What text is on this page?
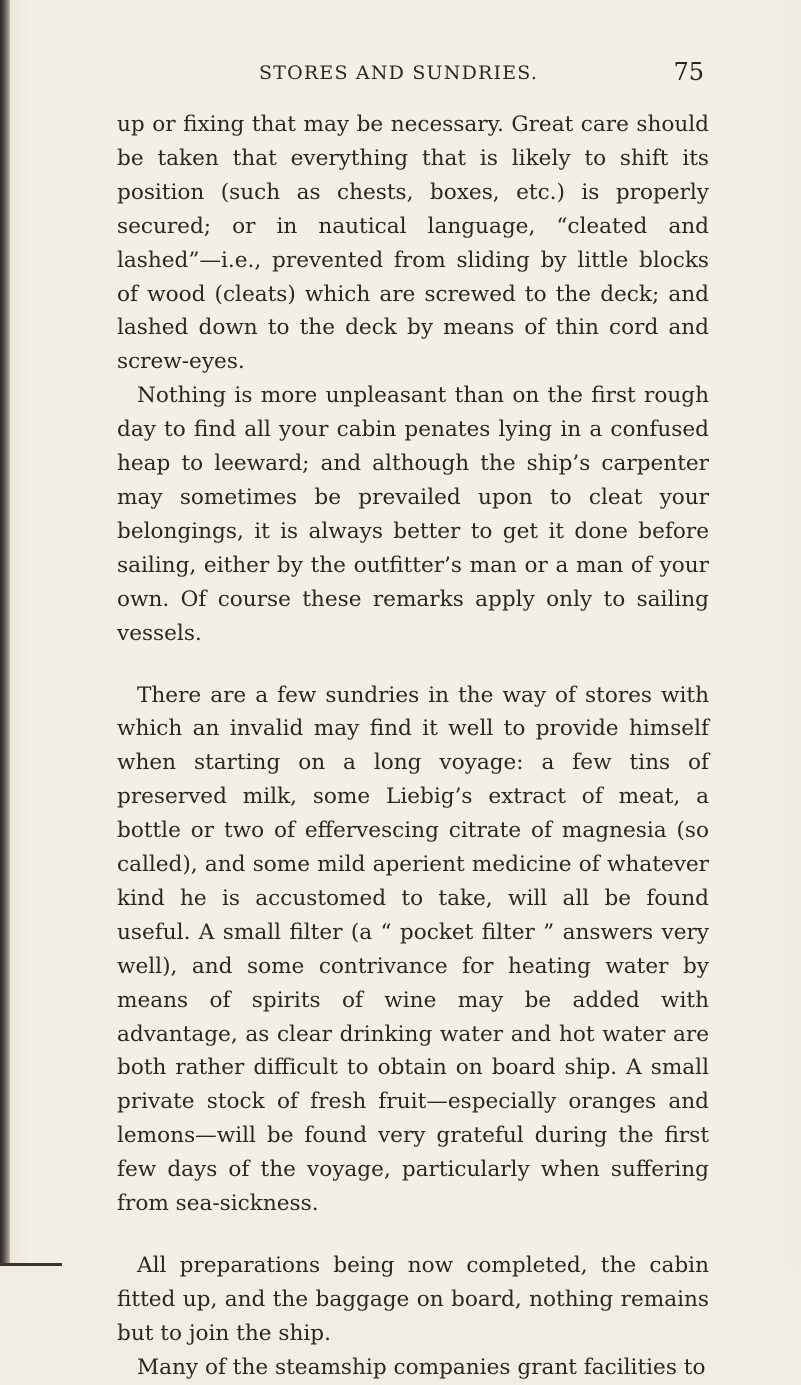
STORES AND SUNDRIES.	75

up or fixing that may be necessary. Great care should be taken that everything that is likely to shift its position (such as chests, boxes, etc.) is properly secured; or in nautical language, “cleated and lashed”—i.e., prevented from sliding by little blocks of wood (cleats) which are screwed to the deck; and lashed down to the deck by means of thin cord and screw-eyes.

Nothing is more unpleasant than on the first rough day to find all your cabin penates lying in a confused heap to leeward; and although the ship’s carpenter may sometimes be prevailed upon to cleat your belongings, it is always better to get it done before sailing, either by the outfitter’s man or a man of your own. Of course these remarks apply only to sailing vessels.

There are a few sundries in the way of stores with which an invalid may find it well to provide himself when starting on a long voyage: a few tins of preserved milk, some Liebig’s extract of meat, a bottle or two of effervescing citrate of magnesia (so called), and some mild aperient medicine of whatever kind he is accustomed to take, will all be found useful. A small filter (a “ pocket filter ” answers very well), and some contrivance for heating water by means of spirits of wine may be added with advantage, as clear drinking water and hot water are both rather difficult to obtain on board ship. A small private stock of fresh fruit—especially oranges and lemons—will be found very grateful during the first few days of the voyage, particularly when suffering from sea-sickness.

All preparations being now completed, the cabin fitted up, and the baggage on board, nothing remains but to join the ship.

Many of the steamship companies grant facilities to
